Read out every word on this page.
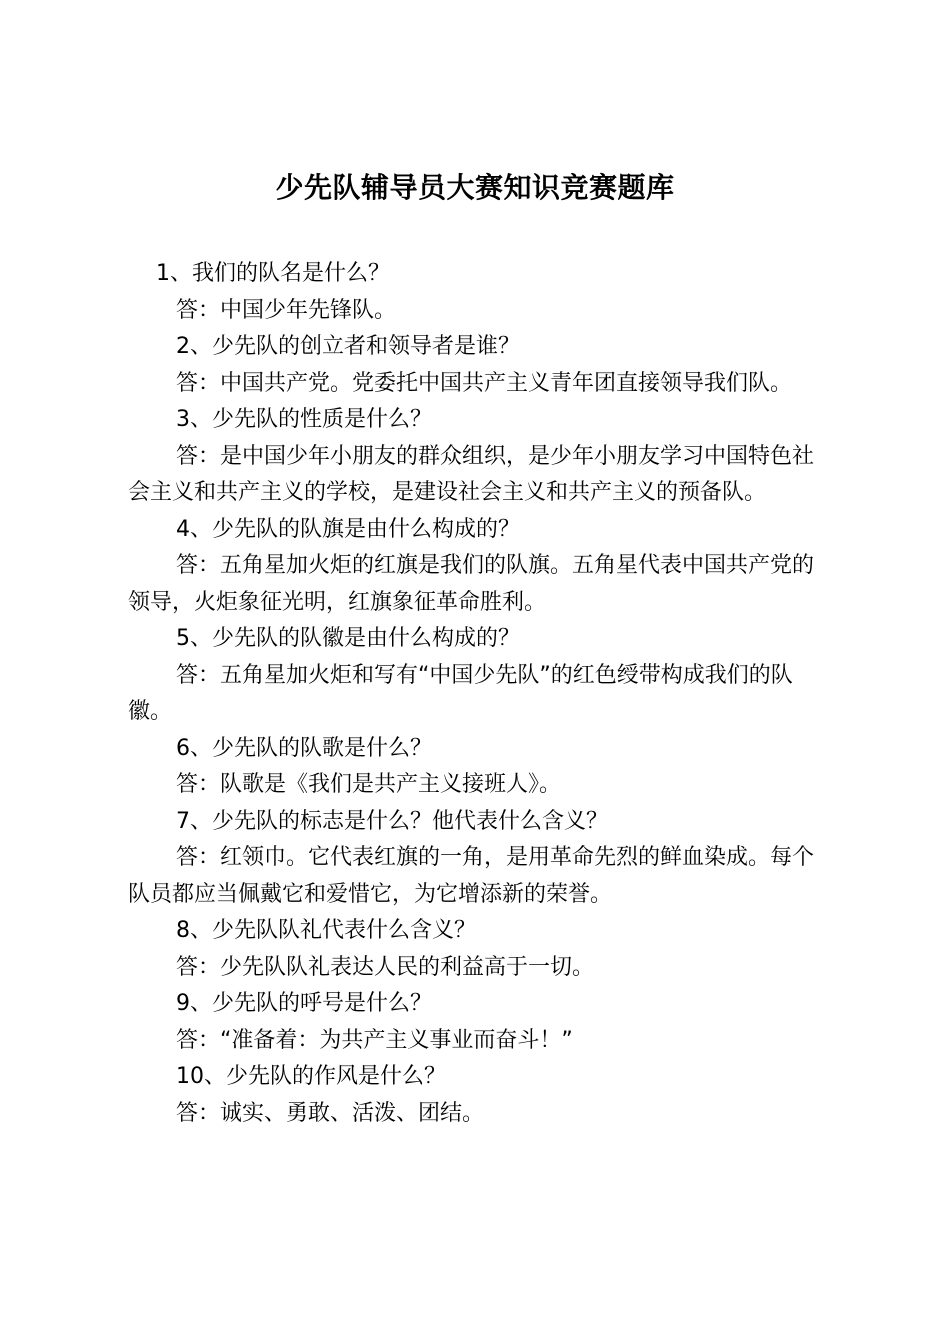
少先队辅导员大赛知识竞赛题库

1、我们的队名是什么？

答：中国少年先锋队。

2、少先队的创立者和领导者是谁？

答：中国共产党。党委托中国共产主义青年团直接领导我们队。

3、少先队的性质是什么？

答：是中国少年小朋友的群众组织，是少年小朋友学习中国特色社会主义和共产主义的学校，是建设社会主义和共产主义的预备队。

4、少先队的队旗是由什么构成的？

答：五角星加火炬的红旗是我们的队旗。五角星代表中国共产党的领导，火炬象征光明，红旗象征革命胜利。

5、少先队的队徽是由什么构成的？

答：五角星加火炬和写有“中国少先队”的红色绶带构成我们的队徽。

6、少先队的队歌是什么？

答：队歌是《我们是共产主义接班人》。

7、少先队的标志是什么？他代表什么含义？

答：红领巾。它代表红旗的一角，是用革命先烈的鲜血染成。每个队员都应当佩戴它和爱惜它，为它增添新的荣誉。

8、少先队队礼代表什么含义？

答：少先队队礼表达人民的利益高于一切。

9、少先队的呼号是什么？

答：“准备着：为共产主义事业而奋斗！”

10、少先队的作风是什么？

答：诚实、勇敢、活泼、团结。
